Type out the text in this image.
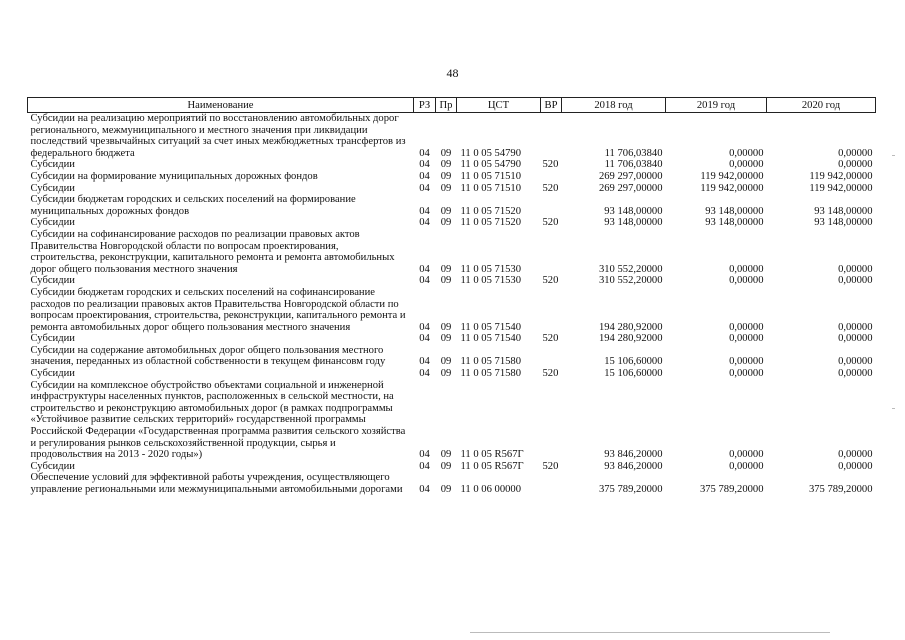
48
Наименование	РЗ	Пр	ЦСТ	ВР	2018 год	2019 год	2020 год
Субсидии на реализацию мероприятий по восстановлению автомобильных дорог регионального, межмуниципального и местного значения при ликвидации последствий чрезвычайных ситуаций за счет иных межбюджетных трансфертов из федерального бюджета	04	09	11 0 05 54790		11 706,03840	0,00000	0,00000
Субсидии	04	09	11 0 05 54790	520	11 706,03840	0,00000	0,00000
Субсидии на формирование муниципальных дорожных фондов	04	09	11 0 05 71510		269 297,00000	119 942,00000	119 942,00000
Субсидии	04	09	11 0 05 71510	520	269 297,00000	119 942,00000	119 942,00000
Субсидии бюджетам городских и сельских поселений на формирование муниципальных дорожных фондов	04	09	11 0 05 71520		93 148,00000	93 148,00000	93 148,00000
Субсидии	04	09	11 0 05 71520	520	93 148,00000	93 148,00000	93 148,00000
Субсидии на софинансирование расходов по реализации правовых актов Правительства Новгородской области по вопросам проектирования, строительства, реконструкции, капитального ремонта и ремонта автомобильных дорог общего пользования местного значения	04	09	11 0 05 71530		310 552,20000	0,00000	0,00000
Субсидии	04	09	11 0 05 71530	520	310 552,20000	0,00000	0,00000
Субсидии бюджетам городских и сельских поселений на софинансирование расходов по реализации правовых актов Правительства Новгородской области по вопросам проектирования, строительства, реконструкции, капитального ремонта и ремонта автомобильных дорог общего пользования местного значения	04	09	11 0 05 71540		194 280,92000	0,00000	0,00000
Субсидии	04	09	11 0 05 71540	520	194 280,92000	0,00000	0,00000
Субсидии на содержание автомобильных дорог общего пользования местного значения, переданных из областной собственности в текущем финансовм году	04	09	11 0 05 71580		15 106,60000	0,00000	0,00000
Субсидии	04	09	11 0 05 71580	520	15 106,60000	0,00000	0,00000
Субсидии на комплексное обустройство объектами социальной и инженерной инфраструктуры населенных пунктов, расположенных в сельской местности, на строительство и реконструкцию автомобильных дорог (в рамках подпрограммы «Устойчивое развитие сельских территорий» государственной программы Российской Федерации «Государственная программа развития сельского хозяйства и регулирования рынков сельскохозяйственной продукции, сырья и продовольствия на 2013 - 2020 годы»)	04	09	11 0 05 R567Г		93 846,20000	0,00000	0,00000
Субсидии	04	09	11 0 05 R567Г	520	93 846,20000	0,00000	0,00000
Обеспечение условий для эффективной работы учреждения, осуществляющего управление региональными или межмуниципальными автомобильными дорогами	04	09	11 0 06 00000		375 789,20000	375 789,20000	375 789,20000
